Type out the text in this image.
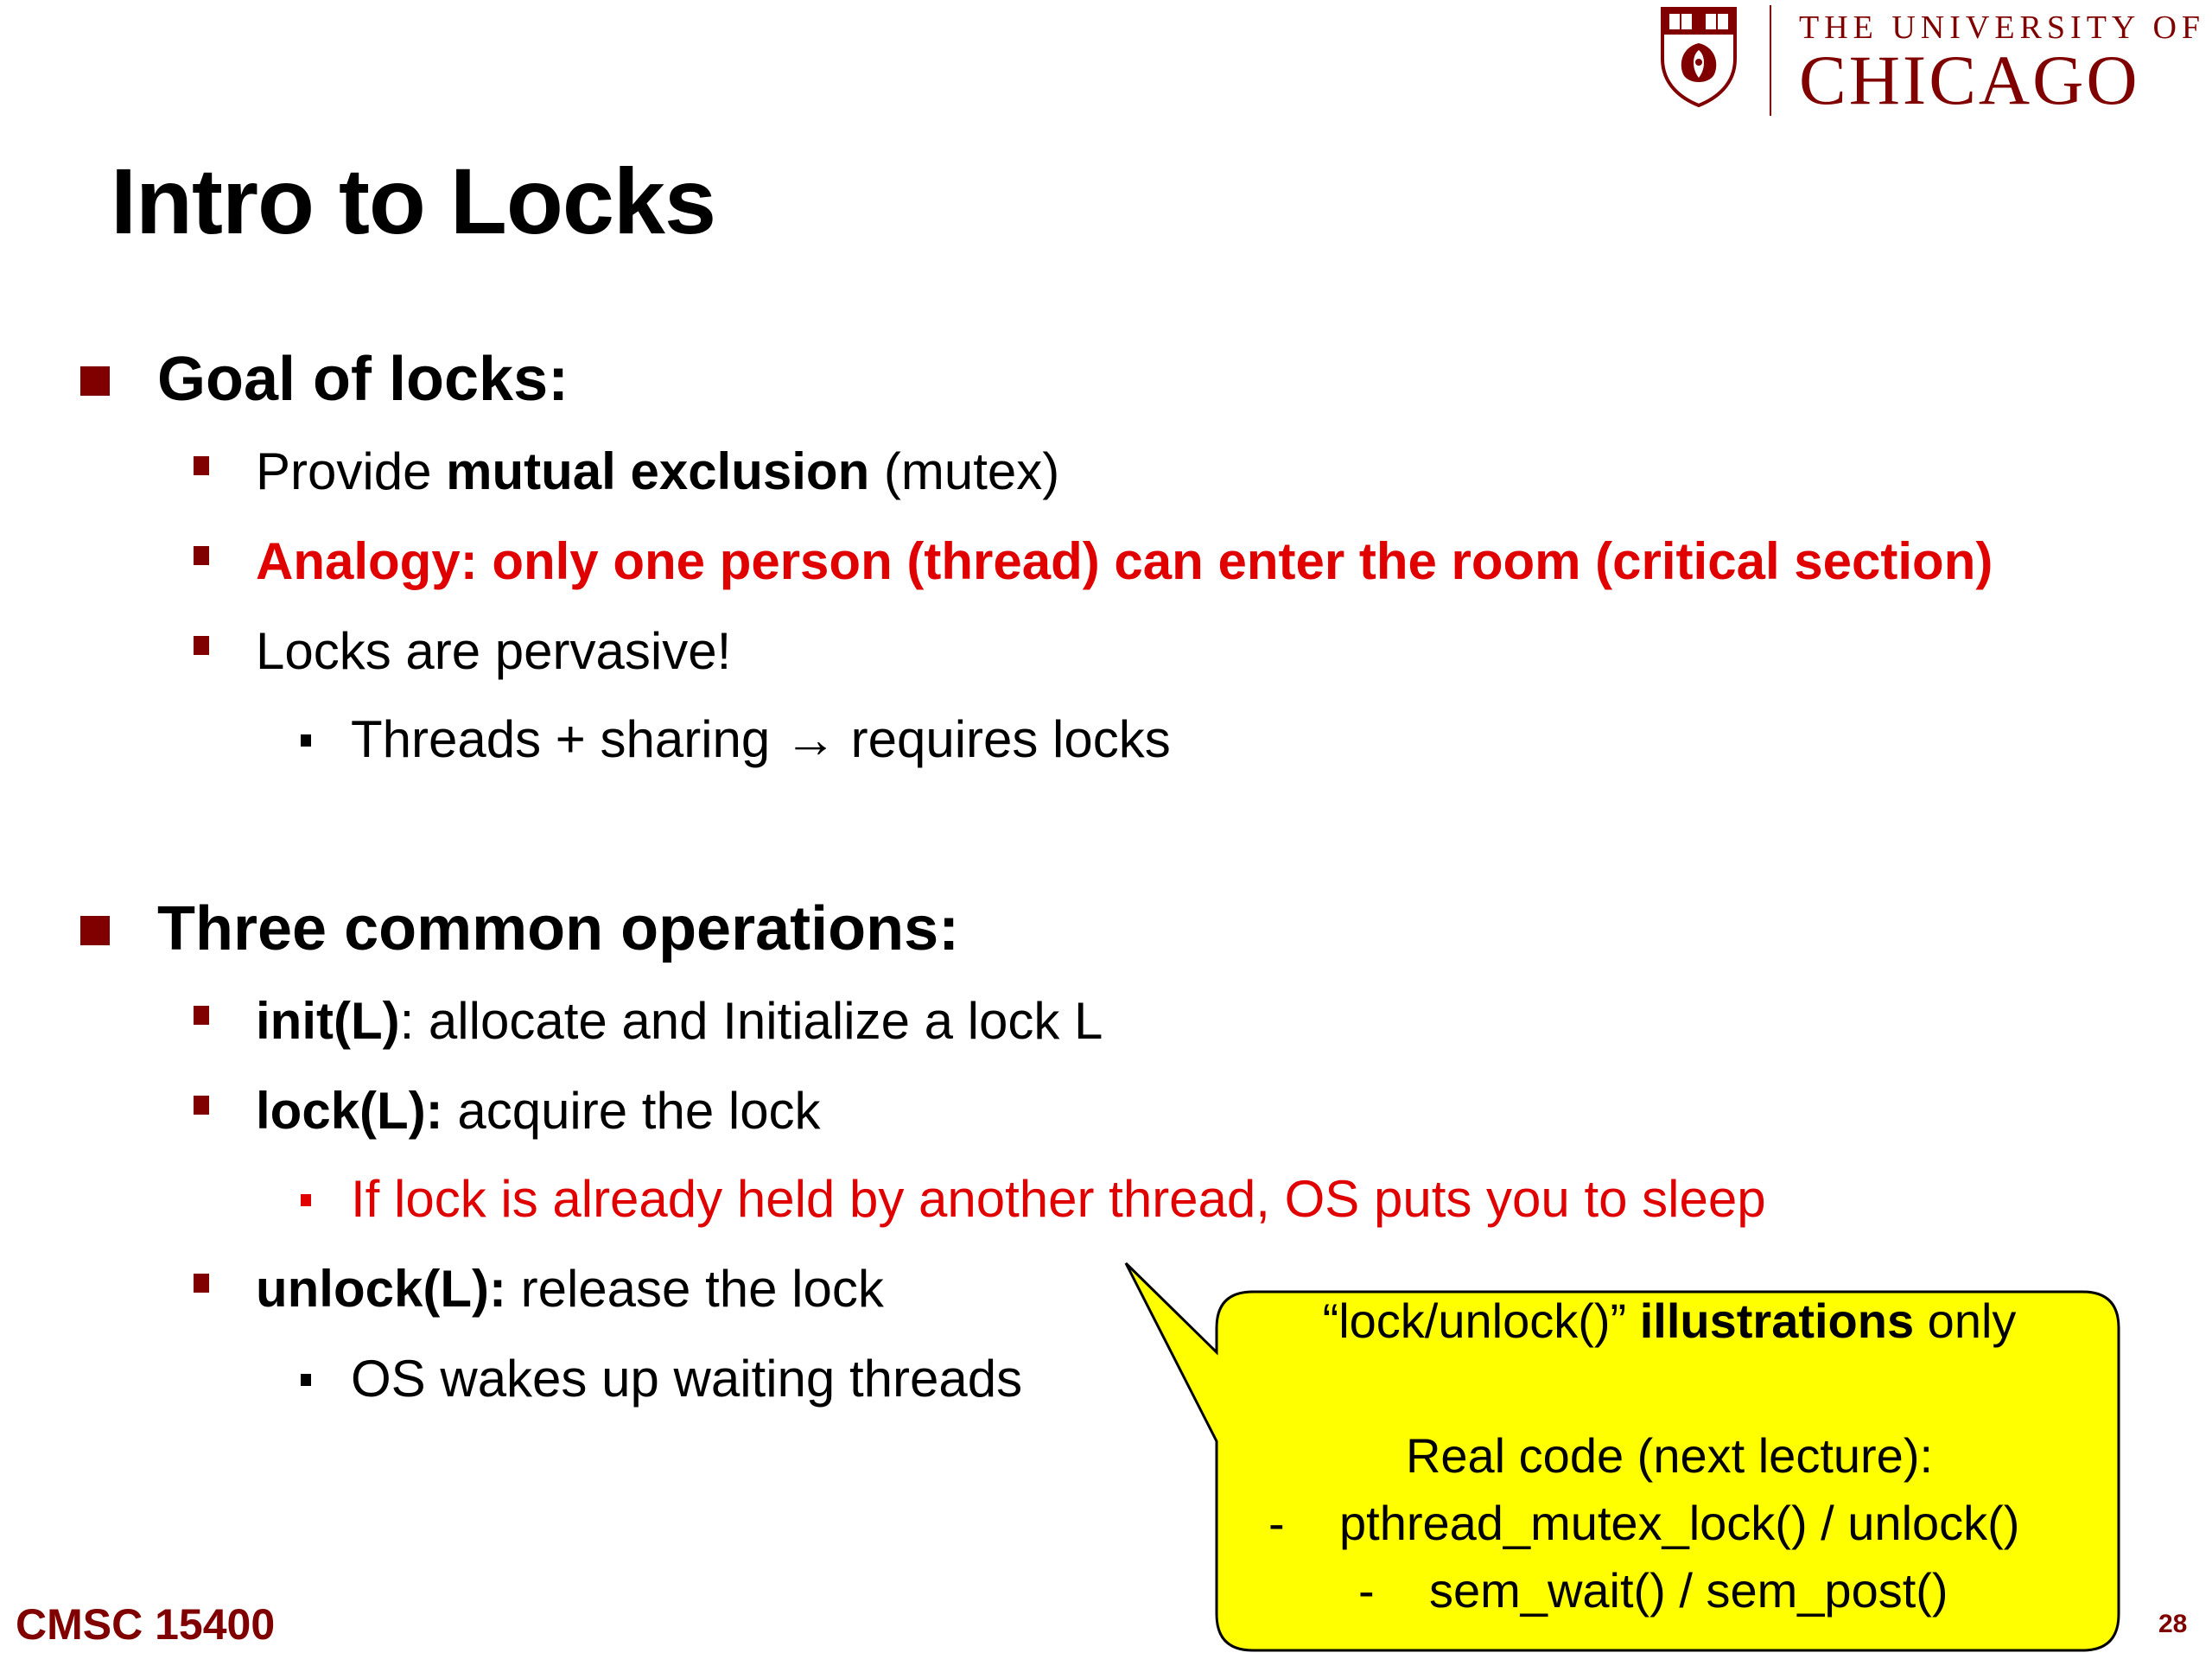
THE UNIVERSITY OF
CHICAGO
Intro to Locks
Goal of locks:
Provide mutual exclusion (mutex)
Analogy: only one person (thread) can enter the room (critical section)
Locks are pervasive!
Threads + sharing → requires locks
Three common operations:
init(L): allocate and Initialize a lock L
lock(L): acquire the lock
If lock is already held by another thread, OS puts you to sleep
unlock(L): release the lock
OS wakes up waiting threads
“lock/unlock()” illustrations only
Real code (next lecture):
- pthread_mutex_lock() / unlock()
- sem_wait() / sem_post()
CMSC 15400	28
